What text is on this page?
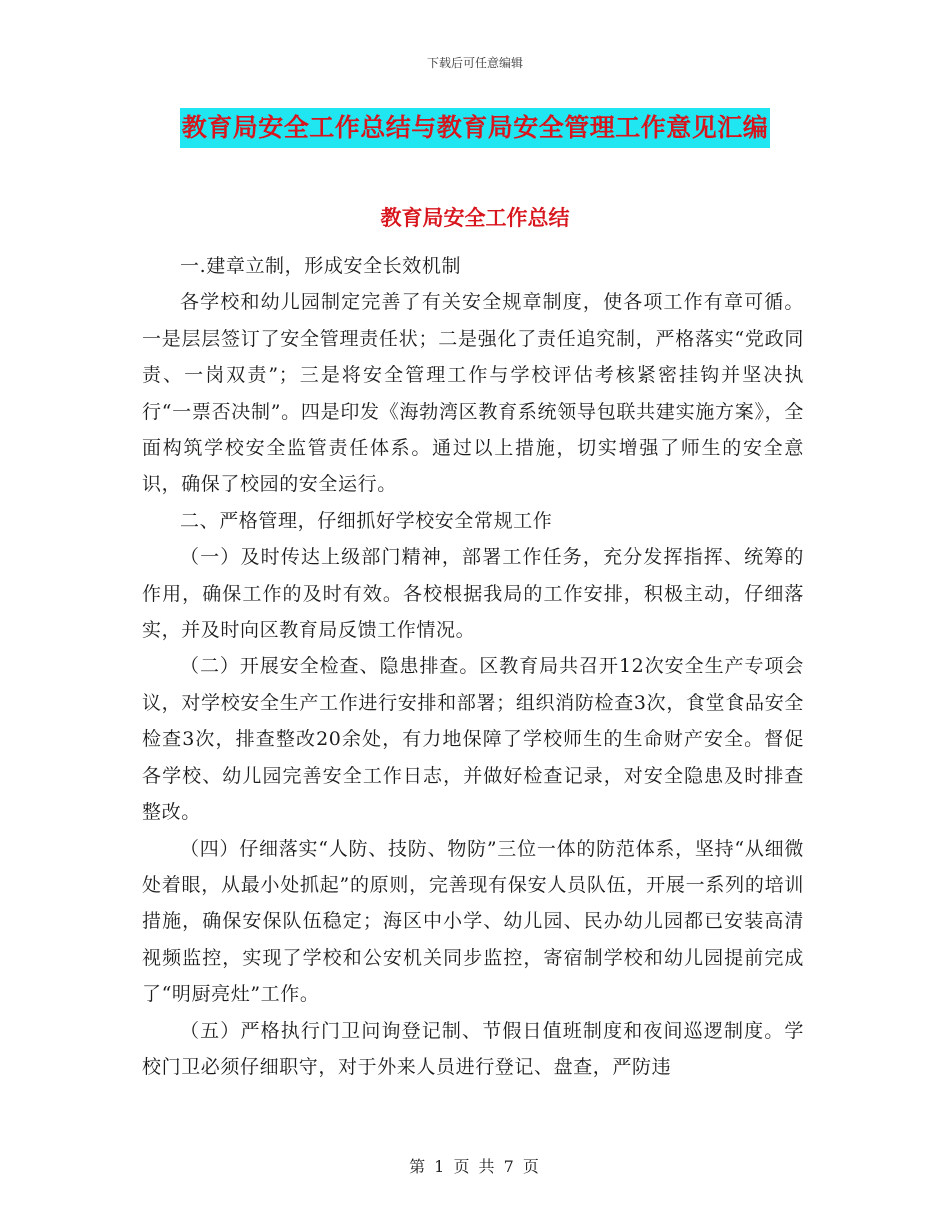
下载后可任意编辑
教育局安全工作总结与教育局安全管理工作意见汇编
教育局安全工作总结

一.建章立制，形成安全长效机制

各学校和幼儿园制定完善了有关安全规章制度，使各项工作有章可循。一是层层签订了安全管理责任状；二是强化了责任追究制，严格落实“党政同责、一岗双责”；三是将安全管理工作与学校评估考核紧密挂钩并坚决执行“一票否决制”。四是印发《海勃湾区教育系统领导包联共建实施方案》，全面构筑学校安全监管责任体系。通过以上措施，切实增强了师生的安全意识，确保了校园的安全运行。

二、严格管理，仔细抓好学校安全常规工作

（一）及时传达上级部门精神，部署工作任务，充分发挥指挥、统筹的作用，确保工作的及时有效。各校根据我局的工作安排，积极主动，仔细落实，并及时向区教育局反馈工作情况。

（二）开展安全检查、隐患排查。区教育局共召开12次安全生产专项会议，对学校安全生产工作进行安排和部署；组织消防检查3次，食堂食品安全检查3次，排查整改20余处，有力地保障了学校师生的生命财产安全。督促各学校、幼儿园完善安全工作日志，并做好检查记录，对安全隐患及时排查整改。

（四）仔细落实“人防、技防、物防”三位一体的防范体系，坚持“从细微处着眼，从最小处抓起”的原则，完善现有保安人员队伍，开展一系列的培训措施，确保安保队伍稳定；海区中小学、幼儿园、民办幼儿园都已安装高清视频监控，实现了学校和公安机关同步监控，寄宿制学校和幼儿园提前完成了“明厨亮灶”工作。

（五）严格执行门卫问询登记制、节假日值班制度和夜间巡逻制度。学校门卫必须仔细职守，对于外来人员进行登记、盘查，严防违

第 1 页 共 7 页
